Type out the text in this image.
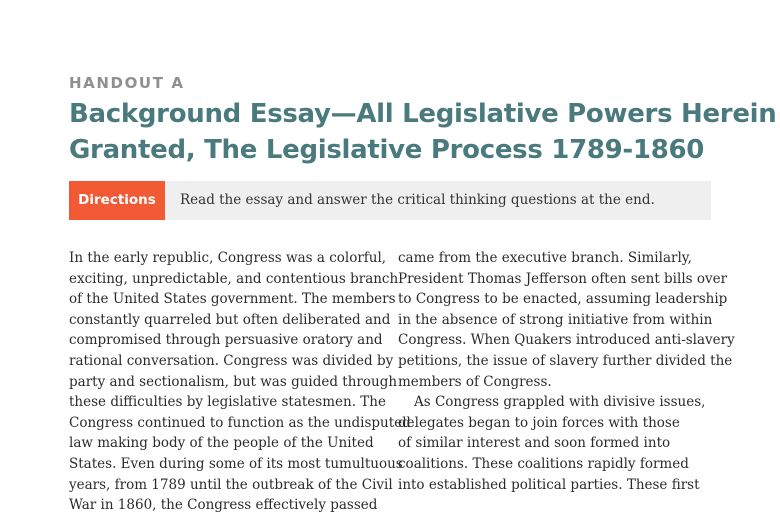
HANDOUT A
Background Essay—All Legislative Powers Herein
Granted, The Legislative Process 1789-1860
Directions	Read the essay and answer the critical thinking questions at the end.
In the early republic, Congress was a colorful,
exciting, unpredictable, and contentious branch
of the United States government. The members
constantly quarreled but often deliberated and
compromised through persuasive oratory and
rational conversation. Congress was divided by
party and sectionalism, but was guided through
these difficulties by legislative statesmen. The
Congress continued to function as the undisputed
law making body of the people of the United
States. Even during some of its most tumultuous
years, from 1789 until the outbreak of the Civil
War in 1860, the Congress effectively passed
came from the executive branch. Similarly,
President Thomas Jefferson often sent bills over
to Congress to be enacted, assuming leadership
in the absence of strong initiative from within
Congress. When Quakers introduced anti-slavery
petitions, the issue of slavery further divided the
members of Congress.
As Congress grappled with divisive issues,
delegates began to join forces with those
of similar interest and soon formed into
coalitions. These coalitions rapidly formed
into established political parties. These first
